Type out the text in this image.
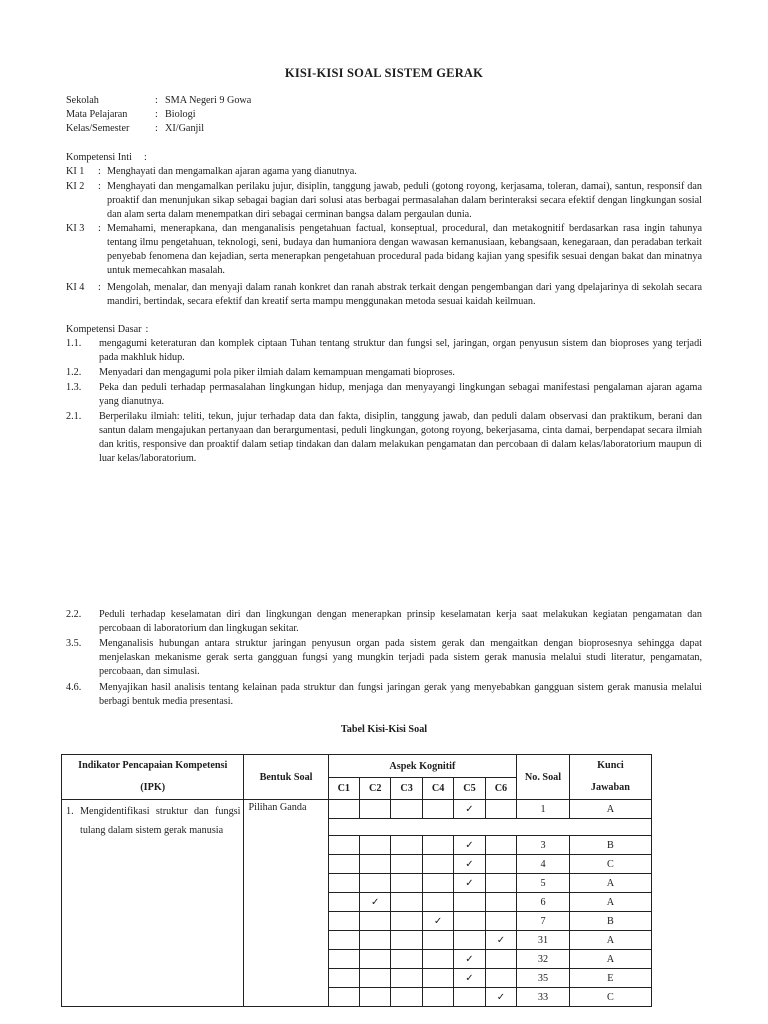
KISI-KISI SOAL SISTEM GERAK
Sekolah	: SMA Negeri 9 Gowa
Mata Pelajaran	: Biologi
Kelas/Semester	: XI/Ganjil
Kompetensi Inti :
KI 1 : Menghayati dan mengamalkan ajaran agama yang dianutnya.
KI 2 : Menghayati dan mengamalkan perilaku jujur, disiplin, tanggung jawab, peduli (gotong royong, kerjasama, toleran, damai), santun, responsif dan proaktif dan menunjukan sikap sebagai bagian dari solusi atas berbagai permasalahan dalam berinteraksi secara efektif dengan lingkungan sosial dan alam serta dalam menempatkan diri sebagai cerminan bangsa dalam pergaulan dunia.
KI 3 : Memahami, menerapkana, dan menganalisis pengetahuan factual, konseptual, procedural, dan metakognitif berdasarkan rasa ingin tahunya tentang ilmu pengetahuan, teknologi, seni, budaya dan humaniora dengan wawasan kemanusiaan, kebangsaan, kenegaraan, dan peradaban terkait penyebab fenomena dan kejadian, serta menerapkan pengetahuan procedural pada bidang kajian yang spesifik sesuai dengan bakat dan minatnya untuk memecahkan masalah.
KI 4 : Mengolah, menalar, dan menyaji dalam ranah konkret dan ranah abstrak terkait dengan pengembangan dari yang dpelajarinya di sekolah secara mandiri, bertindak, secara efektif dan kreatif serta mampu menggunakan metoda sesuai kaidah keilmuan.
Kompetensi Dasar :
1.1. mengagumi keteraturan dan komplek ciptaan Tuhan tentang struktur dan fungsi sel, jaringan, organ penyusun sistem dan bioproses yang terjadi pada makhluk hidup.
1.2. Menyadari dan mengagumi pola piker ilmiah dalam kemampuan mengamati bioproses.
1.3. Peka dan peduli terhadap permasalahan lingkungan hidup, menjaga dan menyayangi lingkungan sebagai manifestasi pengalaman ajaran agama yang dianutnya.
2.1. Berperilaku ilmiah: teliti, tekun, jujur terhadap data dan fakta, disiplin, tanggung jawab, dan peduli dalam observasi dan praktikum, berani dan santun dalam mengajukan pertanyaan dan berargumentasi, peduli lingkungan, gotong royong, bekerjasama, cinta damai, berpendapat secara ilmiah dan kritis, responsive dan proaktif dalam setiap tindakan dan dalam melakukan pengamatan dan percobaan di dalam kelas/laboratorium maupun di luar kelas/laboratorium.
2.2. Peduli terhadap keselamatan diri dan lingkungan dengan menerapkan prinsip keselamatan kerja saat melakukan kegiatan pengamatan dan percobaan di laboratorium dan lingkugan sekitar.
3.5. Menganalisis hubungan antara struktur jaringan penyusun organ pada sistem gerak dan mengaitkan dengan bioprosesnya sehingga dapat menjelaskan mekanisme gerak serta gangguan fungsi yang mungkin terjadi pada sistem gerak manusia melalui studi literatur, pengamatan, percobaan, dan simulasi.
4.6. Menyajikan hasil analisis tentang kelainan pada struktur dan fungsi jaringan gerak yang menyebabkan gangguan sistem gerak manusia melalui berbagi bentuk media presentasi.
Tabel Kisi-Kisi Soal
Indikator Pencapaian Kompetensi (IPK)	Bentuk Soal	Aspek Kognitif						No. Soal	Kunci Jawaban
		C1	C2	C3	C4	C5	C6		

1. Mengidentifikasi struktur dan fungsi tulang dalam sistem gerak manusia	Pilihan Ganda					✓		1	A

						✓		3	B
						✓		4	C
						✓		5	A
			✓					6	A
					✓			7	B
							✓	31	A
						✓		32	A
						✓		35	E
							✓	33	C
